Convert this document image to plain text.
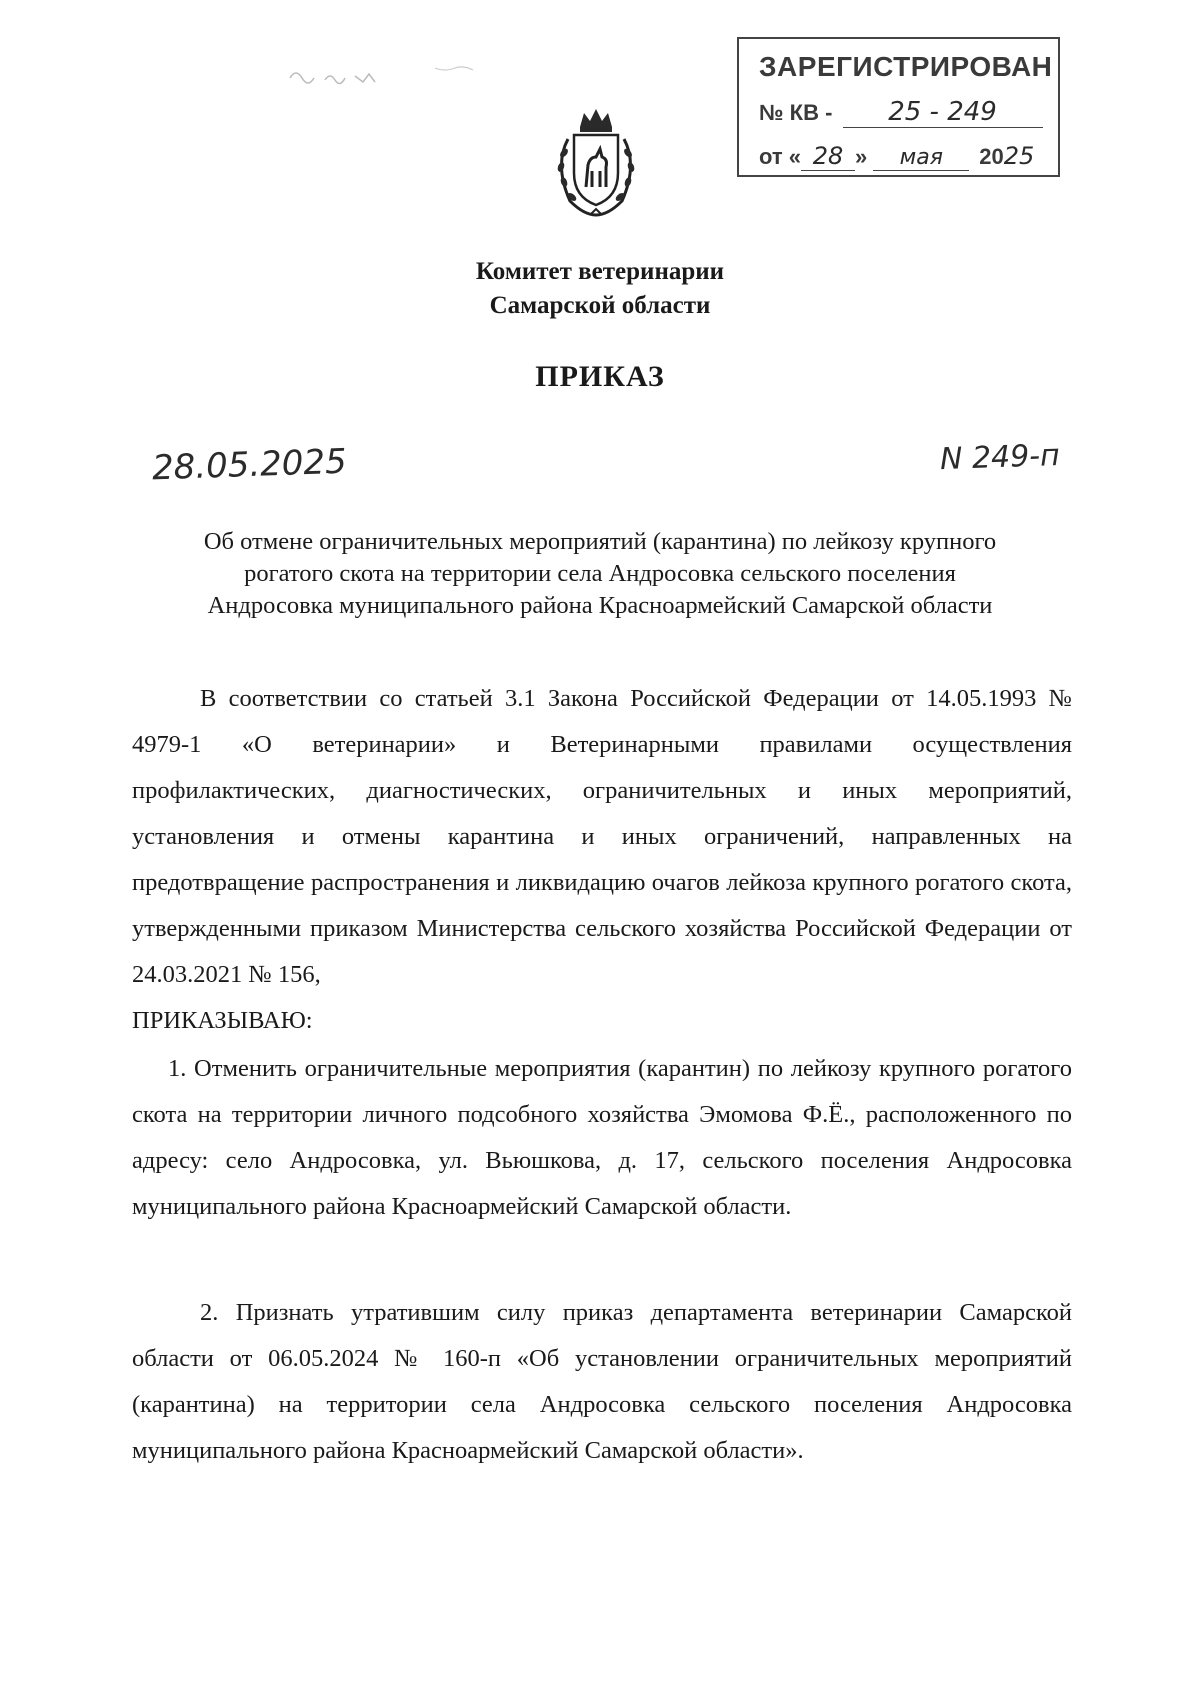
ЗАРЕГИСТРИРОВАН
№ КВ - 25 - 249
от « 28 » мая 2025
Комитет ветеринарии
Самарской области
ПРИКАЗ
28.05.2025	N 249-п
Об отмене ограничительных мероприятий (карантина) по лейкозу крупного
рогатого скота на территории села Андросовка сельского поселения
Андросовка муниципального района Красноармейский Самарской области

В соответствии со статьей 3.1 Закона Российской Федерации от 14.05.1993 № 4979-1 «О ветеринарии» и Ветеринарными правилами осуществления профилактических, диагностических, ограничительных и иных мероприятий, установления и отмены карантина и иных ограничений, направленных на предотвращение распространения и ликвидацию очагов лейкоза крупного рогатого скота, утвержденными приказом Министерства сельского хозяйства Российской Федерации от 24.03.2021 № 156,

ПРИКАЗЫВАЮ:

1. Отменить ограничительные мероприятия (карантин) по лейкозу крупного рогатого скота на территории личного подсобного хозяйства Эмомова Ф.Ё., расположенного по адресу: село Андросовка, ул. Вьюшкова, д. 17, сельского поселения Андросовка муниципального района Красноармейский Самарской области.

2. Признать утратившим силу приказ департамента ветеринарии Самарской области от 06.05.2024 № 160-п «Об установлении ограничительных мероприятий (карантина) на территории села Андросовка сельского поселения Андросовка муниципального района Красноармейский Самарской области».
